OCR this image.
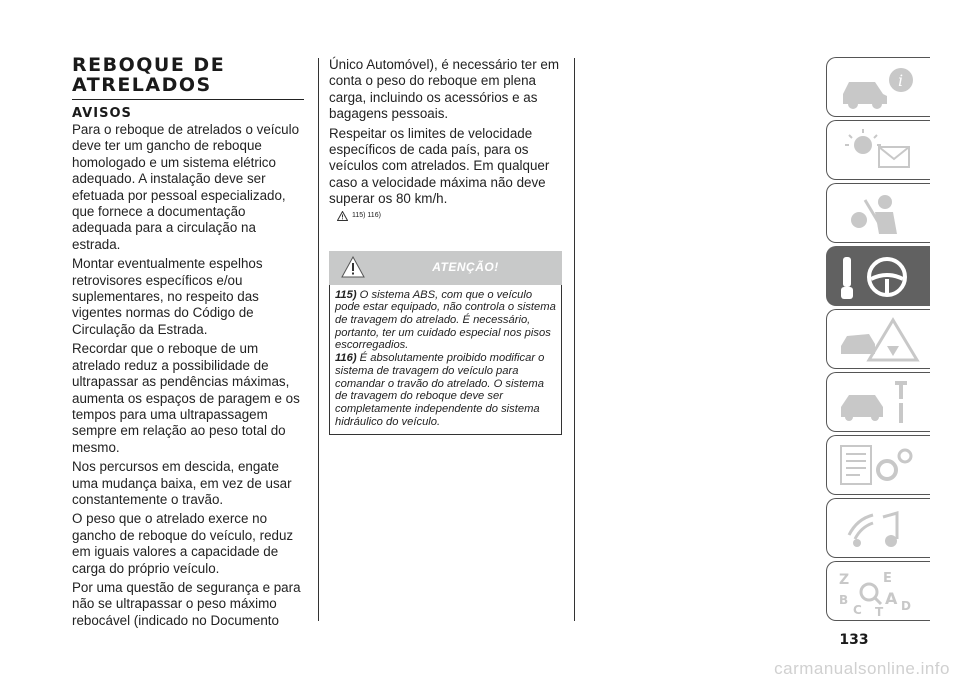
REBOQUE DE
ATRELADOS
AVISOS

Para o reboque de atrelados o veículo deve ter um gancho de reboque homologado e um sistema elétrico adequado. A instalação deve ser efetuada por pessoal especializado, que fornece a documentação adequada para a circulação na estrada.

Montar eventualmente espelhos retrovisores específicos e/ou suplementares, no respeito das vigentes normas do Código de Circulação da Estrada.

Recordar que o reboque de um atrelado reduz a possibilidade de ultrapassar as pendências máximas, aumenta os espaços de paragem e os tempos para uma ultrapassagem sempre em relação ao peso total do mesmo.

Nos percursos em descida, engate uma mudança baixa, em vez de usar constantemente o travão.

O peso que o atrelado exerce no gancho de reboque do veículo, reduz em iguais valores a capacidade de carga do próprio veículo.

Por uma questão de segurança e para não se ultrapassar o peso máximo rebocável (indicado no Documento

Único Automóvel), é necessário ter em conta o peso do reboque em plena carga, incluindo os acessórios e as bagagens pessoais.

Respeitar os limites de velocidade específicos de cada país, para os veículos com atrelados. Em qualquer caso a velocidade máxima não deve superar os 80 km/h.

115) 116)
ATENÇÃO!

115) O sistema ABS, com que o veículo pode estar equipado, não controla o sistema de travagem do atrelado. É necessário, portanto, ter um cuidado especial nos pisos escorregadios.

116) É absolutamente proibido modificar o sistema de travagem do veículo para comandar o travão do atrelado. O sistema de travagem do reboque deve ser completamente independente do sistema hidráulico do veículo.

i
Z	E
B A D
C T
133
carmanualsonline.info
